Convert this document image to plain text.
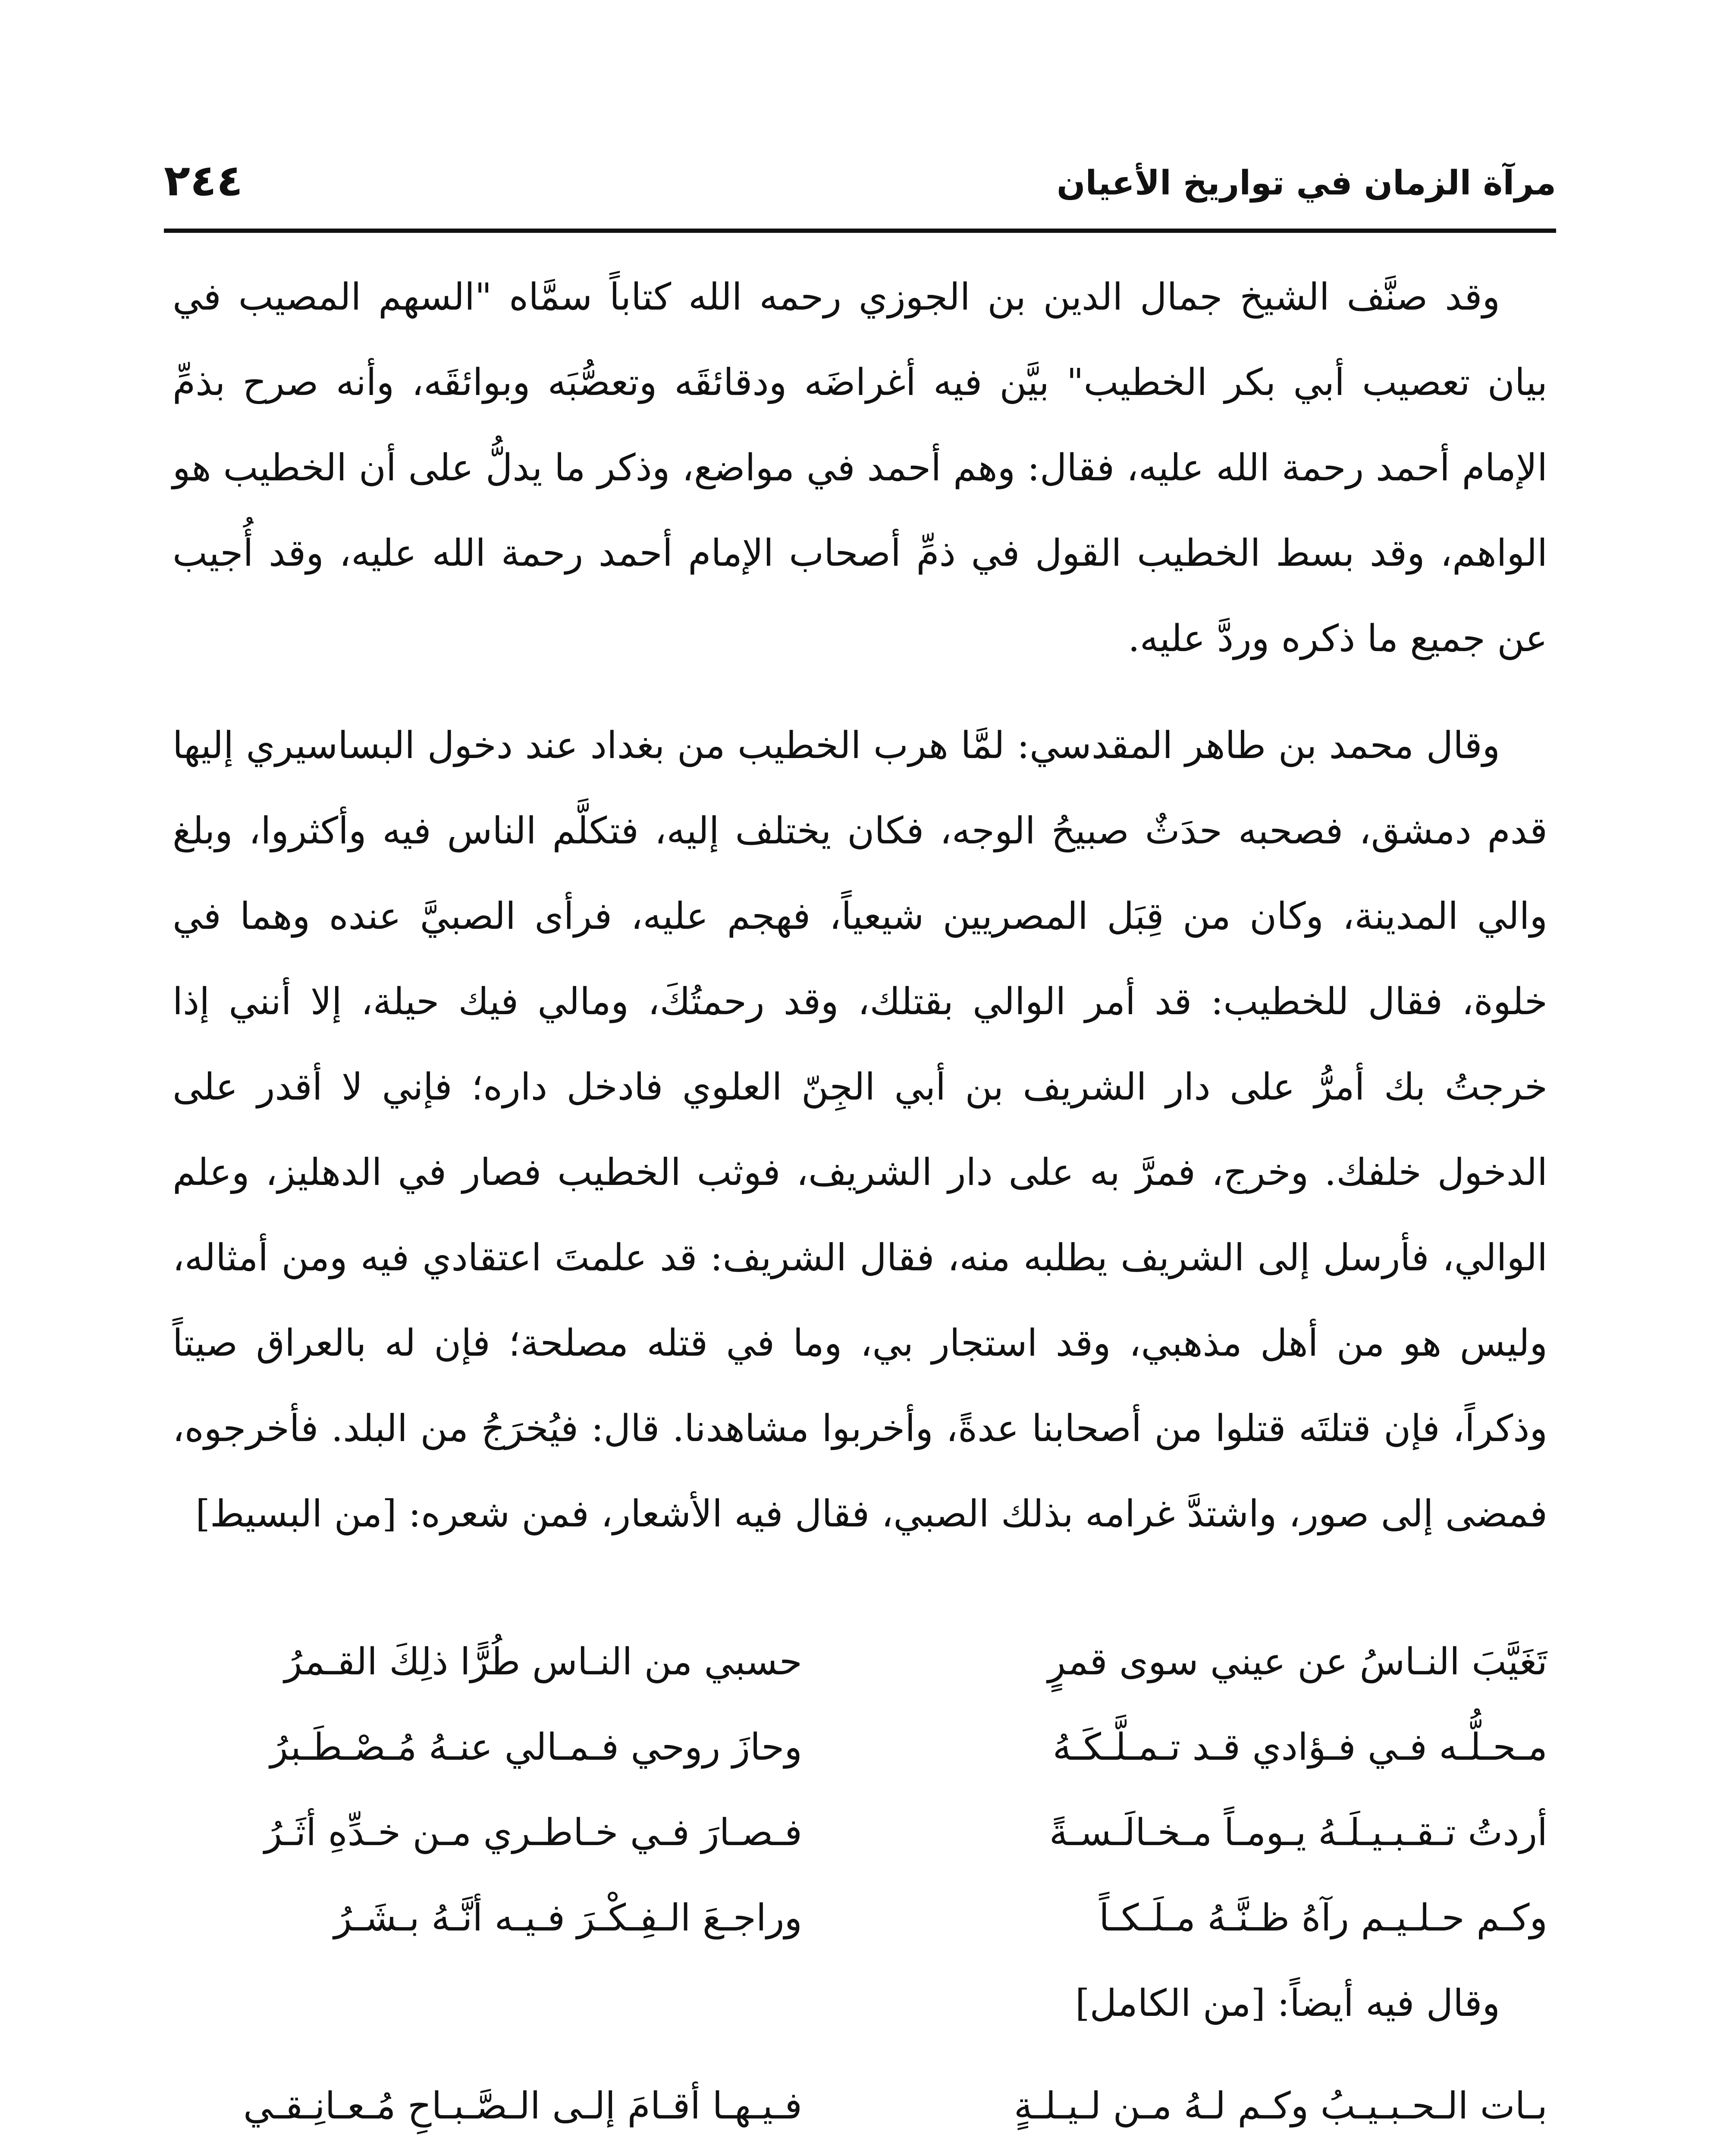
مرآة الزمان في تواريخ الأعيان
٢٤٤

وقد صنَّف الشيخ جمال الدين بن الجوزي رحمه الله كتاباً سمَّاه "السهم المصيب في بيان تعصيب أبي بكر الخطيب" بيَّن فيه أغراضَه ودقائقَه وتعصُّبَه وبوائقَه، وأنه صرح بذمِّ الإمام أحمد رحمة الله عليه، فقال: وهم أحمد في مواضع، وذكر ما يدلُّ على أن الخطيب هو الواهم، وقد بسط الخطيب القول في ذمِّ أصحاب الإمام أحمد رحمة الله عليه، وقد أُجيب عن جميع ما ذكره وردَّ عليه.

وقال محمد بن طاهر المقدسي: لمَّا هرب الخطيب من بغداد عند دخول البساسيري إليها قدم دمشق، فصحبه حدَثٌ صبيحُ الوجه، فكان يختلف إليه، فتكلَّم الناس فيه وأكثروا، وبلغ والي المدينة، وكان من قِبَل المصريين شيعياً، فهجم عليه، فرأى الصبيَّ عنده وهما في خلوة، فقال للخطيب: قد أمر الوالي بقتلك، وقد رحمتُكَ، ومالي فيك حيلة، إلا أنني إذا خرجتُ بك أمرُّ على دار الشريف بن أبي الجِنّ العلوي فادخل داره؛ فإني لا أقدر على الدخول خلفك. وخرج، فمرَّ به على دار الشريف، فوثب الخطيب فصار في الدهليز، وعلم الوالي، فأرسل إلى الشريف يطلبه منه، فقال الشريف: قد علمتَ اعتقادي فيه ومن أمثاله، وليس هو من أهل مذهبي، وقد استجار بي، وما في قتله مصلحة؛ فإن له بالعراق صيتاً وذكراً، فإن قتلتَه قتلوا من أصحابنا عدةً، وأخربوا مشاهدنا. قال: فيُخرَجُ من البلد. فأخرجوه، فمضى إلى صور، واشتدَّ غرامه بذلك الصبي، فقال فيه الأشعار، فمن شعره: [من البسيط]

تَغَيَّبَ النـاسُ عن عيني سوى قمرٍ
حسبي من النـاس طُرًّا ذلِكَ القـمرُ
مـحـلُّـه فـي فـؤادي قـد تـمـلَّـكَـهُ
وحازَ روحي فـمـالي عنـهُ مُـصْـطَـبرُ
أردتُ تـقـبـيـلَـهُ يـومـاً مـخـالَـسـةً
فـصـارَ فـي خـاطـري مـن خـدِّهِ أثَـرُ
وكـم حـلـيـم رآهُ ظـنَّـهُ مـلَـكـاً
وراجـعَ الـفِـكْـرَ فـيـه أنَّـهُ بـشَـرُ
وقال فيه أيضاً: [من الكامل]
بـات الـحـبـيـبُ وكـم لـهُ مـن لـيـلـةٍ
فـيـهـا أقـامَ إلـى الـصَّـبـاحِ مُـعـانِـقـي
